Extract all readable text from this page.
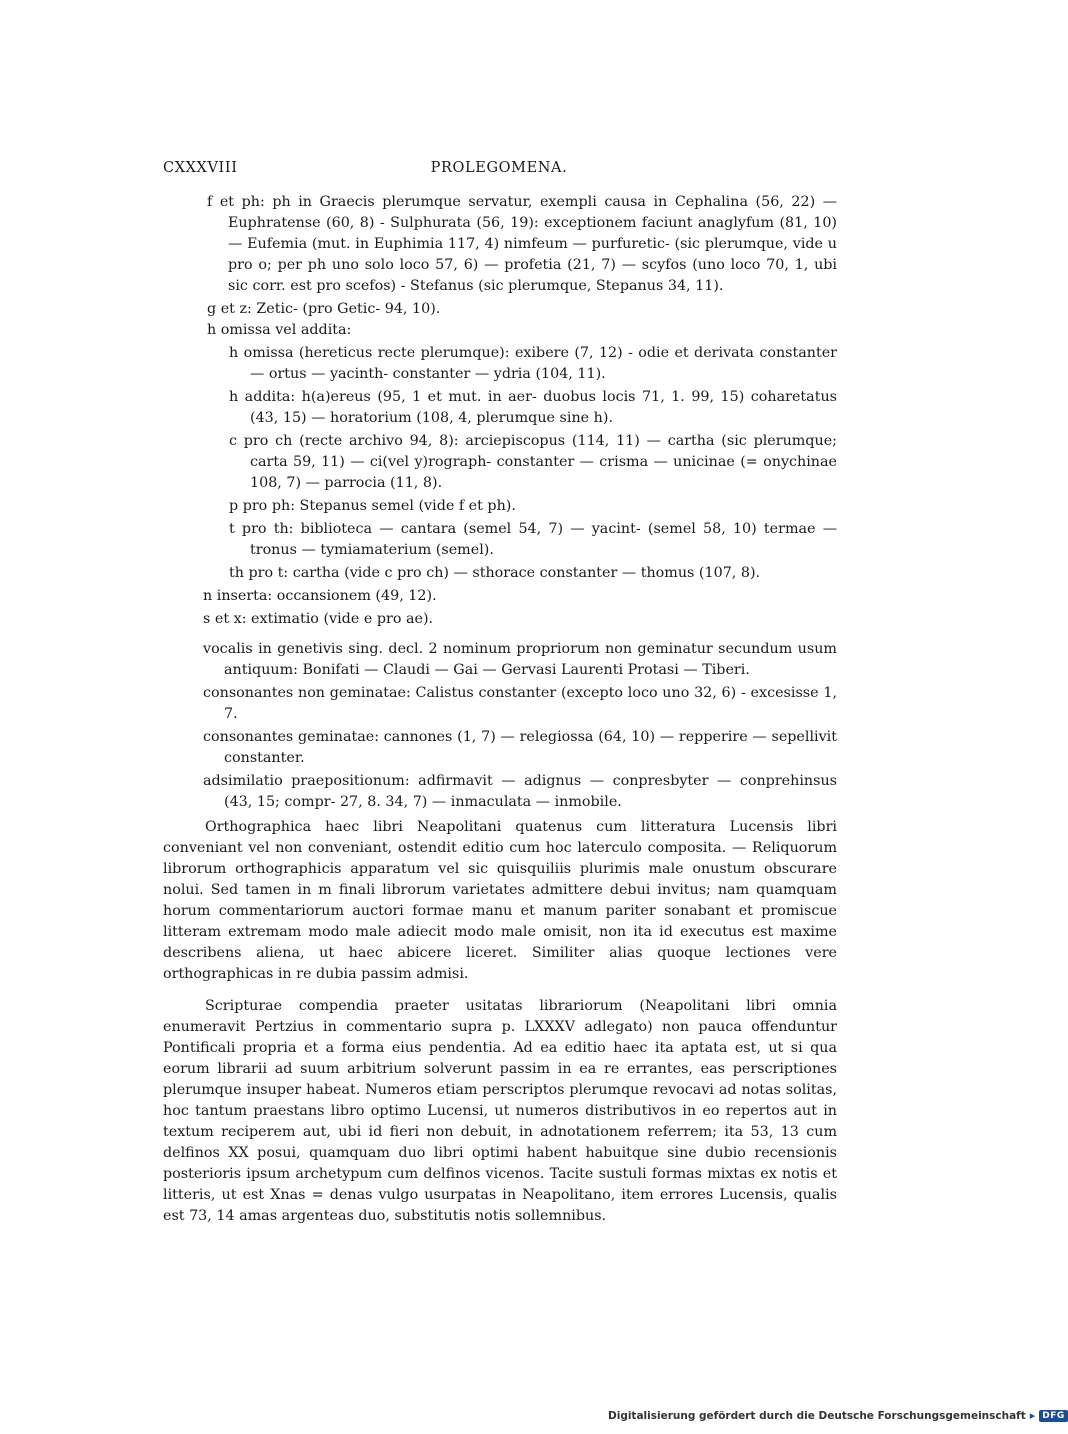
CXXXVIII	PROLEGOMENA.
f et ph: ph in Graecis plerumque servatur, exempli causa in Cephalina (56, 22) — Euphratense (60, 8) - Sulphurata (56, 19): exceptionem faciunt anaglyfum (81, 10) — Eufemia (mut. in Euphimia 117, 4) nimfeum — purfuretic- (sic plerumque, vide u pro o; per ph uno solo loco 57, 6) — profetia (21, 7) — scyfos (uno loco 70, 1, ubi sic corr. est pro scefos) - Stefanus (sic plerumque, Stepanus 34, 11).
g et z: Zetic- (pro Getic- 94, 10).
h omissa vel addita:
h omissa (hereticus recte plerumque): exibere (7, 12) - odie et derivata constanter — ortus — yacinth- constanter — ydria (104, 11).
h addita: h(a)ereus (95, 1 et mut. in aer- duobus locis 71, 1. 99, 15) coharetatus (43, 15) — horatorium (108, 4, plerumque sine h).
c pro ch (recte archivo 94, 8): arciepiscopus (114, 11) — cartha (sic plerumque; carta 59, 11) — ci(vel y)rograph- constanter — crisma — unicinae (= onychinae 108, 7) — parrocia (11, 8).
p pro ph: Stepanus semel (vide f et ph).
t pro th: biblioteca — cantara (semel 54, 7) — yacint- (semel 58, 10) termae — tronus — tymiamaterium (semel).
th pro t: cartha (vide c pro ch) — sthorace constanter — thomus (107, 8).
n inserta: occansionem (49, 12).
s et x: extimatio (vide e pro ae).
vocalis in genetivis sing. decl. 2 nominum propriorum non geminatur secundum usum antiquum: Bonifati — Claudi — Gai — Gervasi Laurenti Protasi — Tiberi.
consonantes non geminatae: Calistus constanter (excepto loco uno 32, 6) - excesisse 1, 7.
consonantes geminatae: cannones (1, 7) — relegiossa (64, 10) — repperire — sepellivit constanter.
adsimilatio praepositionum: adfirmavit — adignus — conpresbyter — conprehinsus (43, 15; compr- 27, 8. 34, 7) — inmaculata — inmobile.

Orthographica haec libri Neapolitani quatenus cum litteratura Lucensis libri conveniant vel non conveniant, ostendit editio cum hoc laterculo composita. — Reliquorum librorum orthographicis apparatum vel sic quisquiliis plurimis male onustum obscurare nolui. Sed tamen in m finali librorum varietates admittere debui invitus; nam quamquam horum commentariorum auctori formae manu et manum pariter sonabant et promiscue litteram extremam modo male adiecit modo male omisit, non ita id executus est maxime describens aliena, ut haec abicere liceret. Similiter alias quoque lectiones vere orthographicas in re dubia passim admisi.

Scripturae compendia praeter usitatas librariorum (Neapolitani libri omnia enumeravit Pertzius in commentario supra p. LXXXV adlegato) non pauca offenduntur Pontificali propria et a forma eius pendentia. Ad ea editio haec ita aptata est, ut si qua eorum librarii ad suum arbitrium solverunt passim in ea re errantes, eas perscriptiones plerumque insuper habeat. Numeros etiam perscriptos plerumque revocavi ad notas solitas, hoc tantum praestans libro optimo Lucensi, ut numeros distributivos in eo repertos aut in textum reciperem aut, ubi id fieri non debuit, in adnotationem referrem; ita 53, 13 cum delfinos XX posui, quamquam duo libri optimi habent habuitque sine dubio recensionis posterioris ipsum archetypum cum delfinos vicenos. Tacite sustuli formas mixtas ex notis et litteris, ut est Xnas = denas vulgo usurpatas in Neapolitano, item errores Lucensis, qualis est 73, 14 amas argenteas duo, substitutis notis sollemnibus.

Digitalisierung gefördert durch die Deutsche Forschungsgemeinschaft ▸ DFG
